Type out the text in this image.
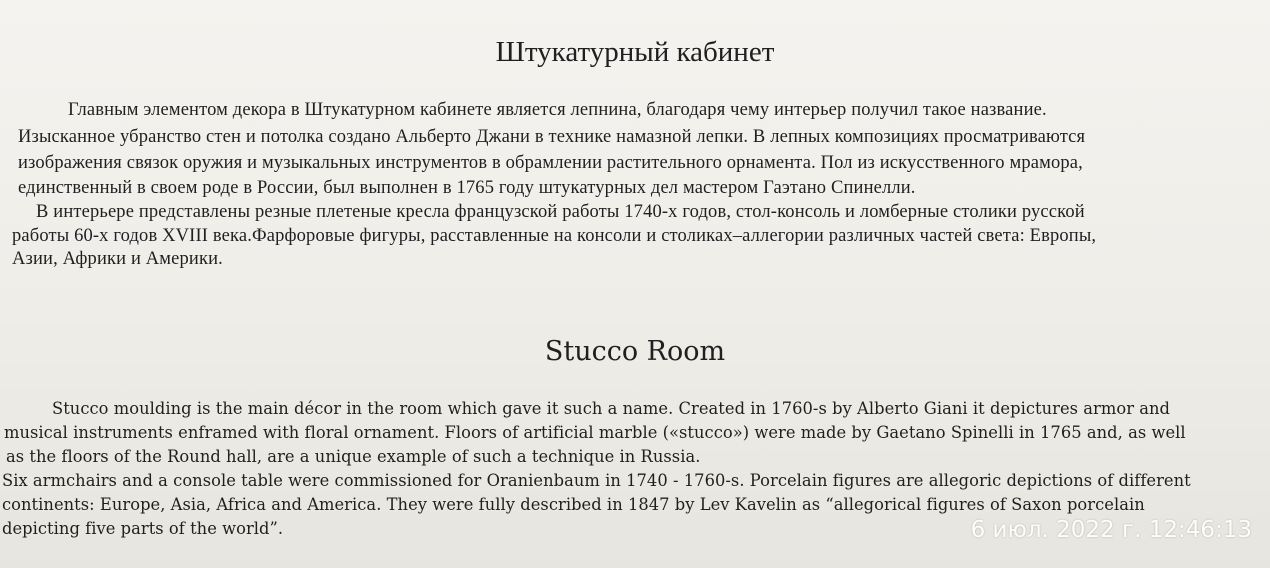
Штукатурный кабинет
Главным элементом декора в Штукатурном кабинете является лепнина, благодаря чему интерьер получил такое название.
Изысканное убранство стен и потолка создано Альберто Джани в технике намазной лепки. В лепных композициях просматриваются
изображения связок оружия и музыкальных инструментов в обрамлении растительного орнамента. Пол из искусственного мрамора,
единственный в своем роде в России, был выполнен в 1765 году штукатурных дел мастером Гаэтано Спинелли.
В интерьере представлены резные плетеные кресла французской работы 1740-х годов, стол-консоль и ломберные столики русской
работы 60-х годов XVIII века.Фарфоровые фигуры, расставленные на консоли и столиках–аллегории различных частей света: Европы,
Азии, Африки и Америки.
Stucco Room
Stucco moulding is the main décor in the room which gave it such a name. Created in 1760-s by Alberto Giani it depictures armor and
musical instruments enframed with floral ornament. Floors of artificial marble («stucco») were made by Gaetano Spinelli in 1765 and, as well
as the floors of the Round hall, are a unique example of such a technique in Russia.
Six armchairs and a console table were commissioned for Oranienbaum in 1740 - 1760-s. Porcelain figures are allegoric depictions of different
continents: Europe, Asia, Africa and America. They were fully described in 1847 by Lev Kavelin as “allegorical figures of Saxon porcelain
depicting five parts of the world”.	6 июл. 2022 г. 12:46:13
